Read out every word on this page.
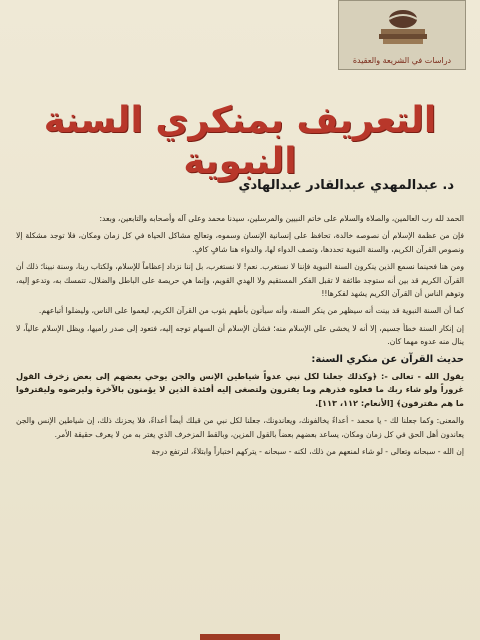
دراسات في الشريعة والعقيدة
التعريف بمنكري السنة النبوية
د. عبدالمهدي عبدالقادر عبدالهادي

الحمد لله رب العالمين، والصلاة والسلام على خاتم النبيين والمرسلين، سيدنا محمد وعلى آله وأصحابه والتابعين، وبعد:

فإن من عظمة الإسلام أن نصوصه خالدة، تحافظ على إنسانية الإنسان وسموه، وتعالج مشاكل الحياة في كل زمان ومكان، فلا توجد مشكلة إلا ونصوص القرآن الكريم، والسنة النبوية تحددها، وتصف الدواء لها، والدواء هنا شافٍ كافٍ.

ومن هنا فحينما نسمع الذين ينكرون السنة النبوية فإننا لا نستغرب. نعم! لا نستغرب، بل إننا نزداد إعظاماً للإسلام، ولكتاب ربنا، وسنة نبينا؛ ذلك أن القرآن الكريم قد بين أنه ستوجد طائفة لا تقبل الفكر المستقيم ولا الهدي القويم، وإنما هي حريصة على الباطل والضلال، تتمسك به، وتدعو إليه، وتوهم الناس أن القرآن الكريم يشهد لفكرها!!

كما أن السنة النبوية قد بينت أنه سيظهر من ينكر السنة، وأنه سيأتون بأطهم بثوب من القرآن الكريم، ليعموا على الناس، وليضلوا أتباعهم.

إن إنكار السنة خطأ جسيم، إلا أنه لا يخشى على الإسلام منه؛ فشأن الإسلام أن السهام توجه إليه، فتعود إلى صدر راميها، ويظل الإسلام عالياً، لا ينال منه عدوه مهما كان.

حديث القرآن عن منكري السنة:

يقول الله - تعالى -: ﴿وكذلك جعلنا لكل نبي عدواً شياطين الإنس والجن يوحي بعضهم إلى بعض زخرف القول غروراً ولو شاء ربك ما فعلوه فذرهم وما يفترون ولتصغى إليه أفئدة الذين لا يؤمنون بالآخرة وليرضوه وليقترفوا ما هم مقترفون﴾ [الأنعام: ١١٢، ١١٣].

والمعنى: وكما جعلنا لك - يا محمد - أعداءً يخالفونك، ويعاندونك، جعلنا لكل نبي من قبلك أيضاً أعداءً، فلا يحزنك ذلك، إن شياطين الإنس والجن يعاندون أهل الحق في كل زمان ومكان، يساعد بعضهم بعضاً بالقول المزين، وبالقط المزخرف الذي يغتر به من لا يعرف حقيقة الأمر.

إن الله - سبحانه وتعالى - لو شاء لمنعهم من ذلك، لكنه - سبحانه - يتركهم اختباراً وابتلاءً، لترتفع درجة
